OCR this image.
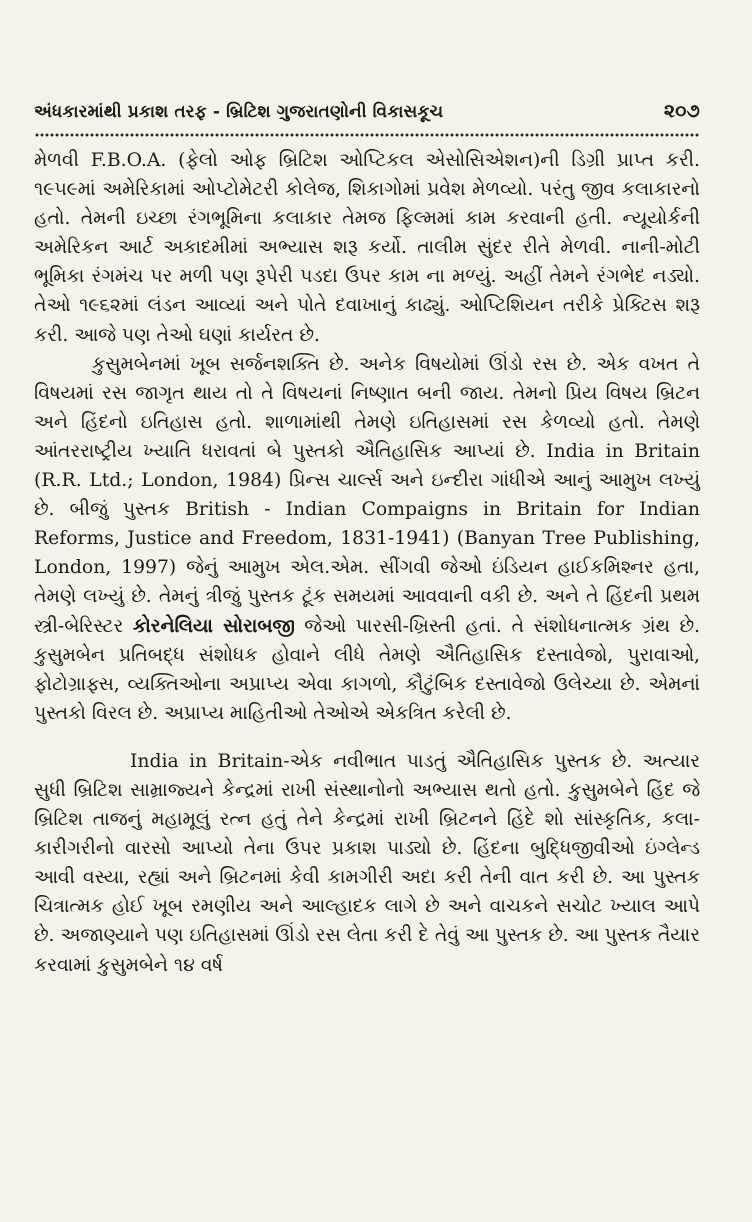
અંધકારમાંથી પ્રકાશ તરફ - બ્રિટિશ ગુજરાતણોની વિકાસકૂચ	૨૦૭

મેળવી F.B.O.A. (ફેલો ઓફ બ્રિટિશ ઓપ્ટિકલ એસોસિએશન)ની ડિગ્રી પ્રાપ્ત કરી. ૧૯૫૯માં અમેરિકામાં ઓપ્ટોમેટરી કોલેજ, શિકાગોમાં પ્રવેશ મેળવ્યો. પરંતુ જીવ કલાકારનો હતો. તેમની ઇચ્છા રંગભૂમિના કલાકાર તેમજ ફિલ્મમાં કામ કરવાની હતી. ન્યૂયોર્કની અમેરિકન આર્ટ અકાદમીમાં અભ્યાસ શરૂ કર્યો. તાલીમ સુંદર રીતે મેળવી. નાની-મોટી ભૂમિકા રંગમંચ પર મળી પણ રૂપેરી પડદા ઉપર કામ ના મળ્યું. અહીં તેમને રંગભેદ નડ્યો. તેઓ ૧૯૬૨માં લંડન આવ્યાં અને પોતે દવાખાનું કાઢ્યું. ઓપ્ટિશિયન તરીકે પ્રેક્ટિસ શરૂ કરી. આજે પણ તેઓ ઘણાં કાર્યરત છે.

કુસુમબેનમાં ખૂબ સર્જનશક્તિ છે. અનેક વિષયોમાં ઊંડો રસ છે. એક વખત તે વિષયમાં રસ જાગૃત થાય તો તે વિષયનાં નિષ્ણાત બની જાય. તેમનો પ્રિય વિષય બ્રિટન અને હિંદનો ઇતિહાસ હતો. શાળામાંથી તેમણે ઇતિહાસમાં રસ કેળવ્યો હતો. તેમણે આંતરરાષ્ટ્રીય ખ્યાતિ ધરાવતાં બે પુસ્તકો ઐતિહાસિક આપ્યાં છે. India in Britain (R.R. Ltd.; London, 1984) પ્રિન્સ ચાર્લ્સ અને ઇન્દીરા ગાંધીએ આનું આમુખ લખ્યું છે. બીજું પુસ્તક British - Indian Compaigns in Britain for Indian Reforms, Justice and Freedom, 1831-1941) (Banyan Tree Publishing, London, 1997) જેનું આમુખ એલ.એમ. સીંગવી જેઓ ઇંડિયન હાઈકમિશ્નર હતા, તેમણે લખ્યું છે. તેમનું ત્રીજું પુસ્તક ટૂંક સમયમાં આવવાની વકી છે. અને તે હિંદની પ્રથમ સ્ત્રી-બેરિસ્ટર કોરનેલિયા સોરાબજી જેઓ પારસી-ખ્રિસ્તી હતાં. તે સંશોધનાત્મક ગ્રંથ છે. કુસુમબેન પ્રતિબદ્ધ સંશોધક હોવાને લીધે તેમણે ઐતિહાસિક દસ્તાવેજો, પુરાવાઓ, ફોટોગ્રાફ્સ, વ્યક્તિઓના અપ્રાપ્ય એવા કાગળો, કૌટુંબિક દસ્તાવેજો ઉલેચ્યા છે. એમનાં પુસ્તકો વિરલ છે. અપ્રાપ્ય માહિતીઓ તેઓએ એકત્રિત કરેલી છે.

India in Britain-એક નવીભાત પાડતું ઐતિહાસિક પુસ્તક છે. અત્યાર સુધી બ્રિટિશ સામ્રાજ્યને કેન્દ્રમાં રાખી સંસ્થાનોનો અભ્યાસ થતો હતો. કુસુમબેને હિંદ જે બ્રિટિશ તાજનું મહામૂલું રત્ન હતું તેને કેન્દ્રમાં રાખી બ્રિટનને હિંદે શો સાંસ્કૃતિક, કલા-કારીગરીનો વારસો આપ્યો તેના ઉપર પ્રકાશ પાડ્યો છે. હિંદના બુદ્ધિજીવીઓ ઇંગ્લેન્ડ આવી વસ્યા, રહ્યાં અને બ્રિટનમાં કેવી કામગીરી અદા કરી તેની વાત કરી છે. આ પુસ્તક ચિત્રાત્મક હોઈ ખૂબ રમણીય અને આલ્હાદક લાગે છે અને વાચકને સચોટ ખ્યાલ આપે છે. અજાણ્યાને પણ ઇતિહાસમાં ઊંડો રસ લેતા કરી દે તેવું આ પુસ્તક છે. આ પુસ્તક તૈયાર કરવામાં કુસુમબેને ૧૪ વર્ષ
